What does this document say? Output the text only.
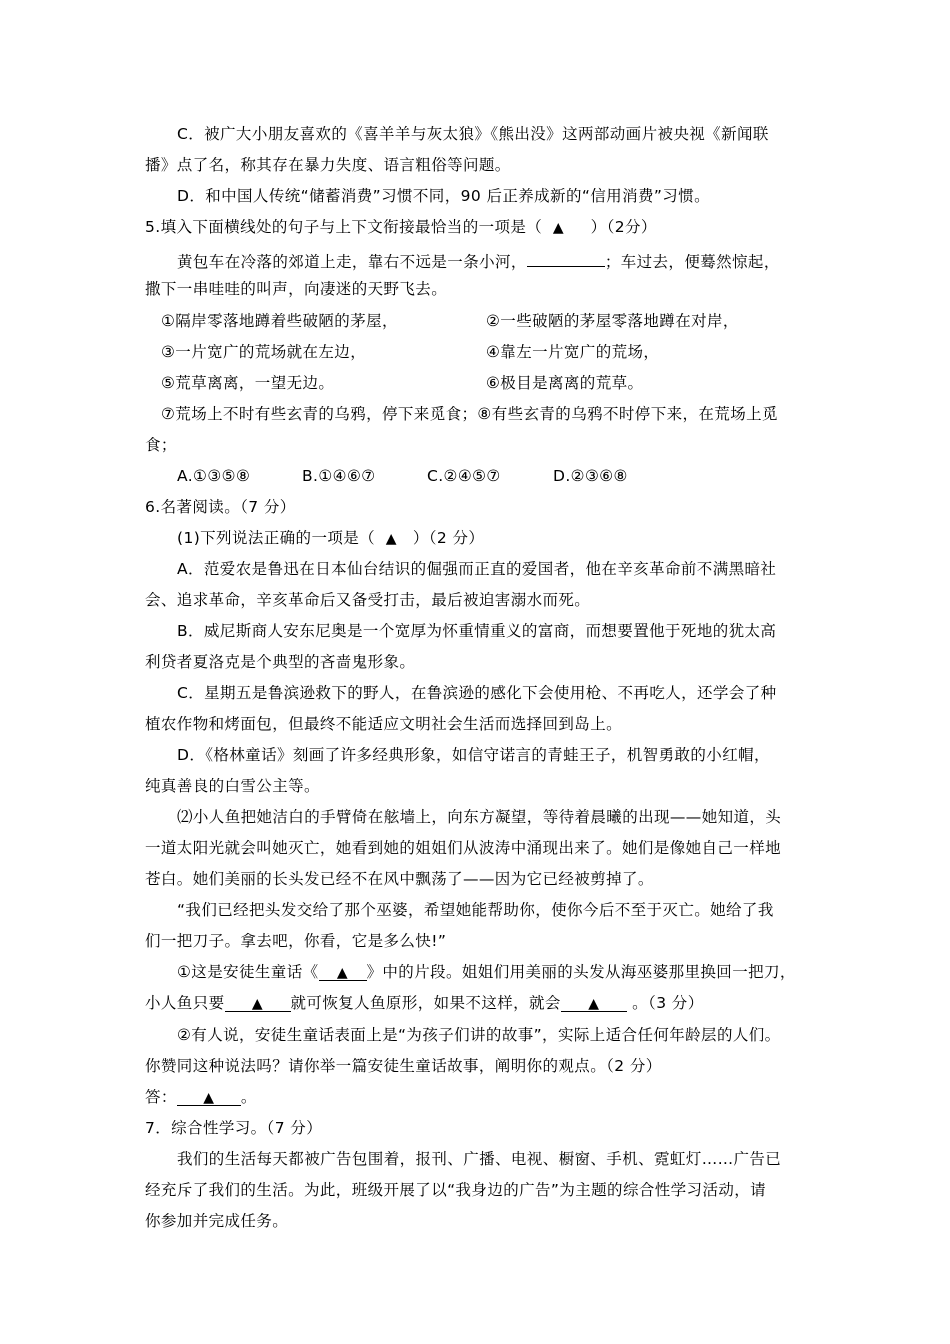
C．被广大小朋友喜欢的《喜羊羊与灰太狼》《熊出没》这两部动画片被央视《新闻联
播》点了名，称其存在暴力失度、语言粗俗等问题。
D．和中国人传统“储蓄消费”习惯不同，90 后正养成新的“信用消费”习惯。
5.填入下面横线处的句子与上下文衔接最恰当的一项是（ ▲ ）（2分）
黄包车在冷落的郊道上走，靠右不远是一条小河，	；车过去，便蓦然惊起，
撒下一串哇哇的叫声，向凄迷的天野飞去。
①隔岸零落地蹲着些破陋的茅屋，	②一些破陋的茅屋零落地蹲在对岸，
③一片宽广的荒场就在左边，	④靠左一片宽广的荒场，
⑤荒草离离，一望无边。	⑥极目是离离的荒草。
⑦荒场上不时有些玄青的乌鸦，停下来觅食；⑧有些玄青的乌鸦不时停下来，在荒场上觅
食；
A.①③⑤⑧	B.①④⑥⑦	C.②④⑤⑦	D.②③⑥⑧
6.名著阅读。（7 分）
(1)下列说法正确的一项是（ ▲ ）（2 分）
A．范爱农是鲁迅在日本仙台结识的倔强而正直的爱国者，他在辛亥革命前不满黑暗社
会、追求革命，辛亥革命后又备受打击，最后被迫害溺水而死。
B．威尼斯商人安东尼奥是一个宽厚为怀重情重义的富商，而想要置他于死地的犹太高
利贷者夏洛克是个典型的吝啬鬼形象。
C．星期五是鲁滨逊救下的野人，在鲁滨逊的感化下会使用枪、不再吃人，还学会了种
植农作物和烤面包，但最终不能适应文明社会生活而选择回到岛上。
D．《格林童话》刻画了许多经典形象，如信守诺言的青蛙王子，机智勇敢的小红帽，
纯真善良的白雪公主等。
⑵小人鱼把她洁白的手臂倚在舷墙上，向东方凝望，等待着晨曦的出现——她知道，头
一道太阳光就会叫她灭亡，她看到她的姐姐们从波涛中涌现出来了。她们是像她自己一样地
苍白。她们美丽的长头发已经不在风中飘荡了——因为它已经被剪掉了。
“我们已经把头发交给了那个巫婆，希望她能帮助你，使你今后不至于灭亡。她给了我
们一把刀子。拿去吧，你看，它是多么快!”
①这是安徒生童话《 ▲ 》中的片段。姐姐们用美丽的头发从海巫婆那里换回一把刀，
小人鱼只要 ▲ 就可恢复人鱼原形，如果不这样，就会 ▲ 。（3 分）
②有人说，安徒生童话表面上是“为孩子们讲的故事”，实际上适合任何年龄层的人们。
你赞同这种说法吗？请你举一篇安徒生童话故事，阐明你的观点。（2 分）
答： ▲ 。
7．综合性学习。（7 分）
我们的生活每天都被广告包围着，报刊、广播、电视、橱窗、手机、霓虹灯……广告已
经充斥了我们的生活。为此，班级开展了以“我身边的广告”为主题的综合性学习活动，请
你参加并完成任务。
